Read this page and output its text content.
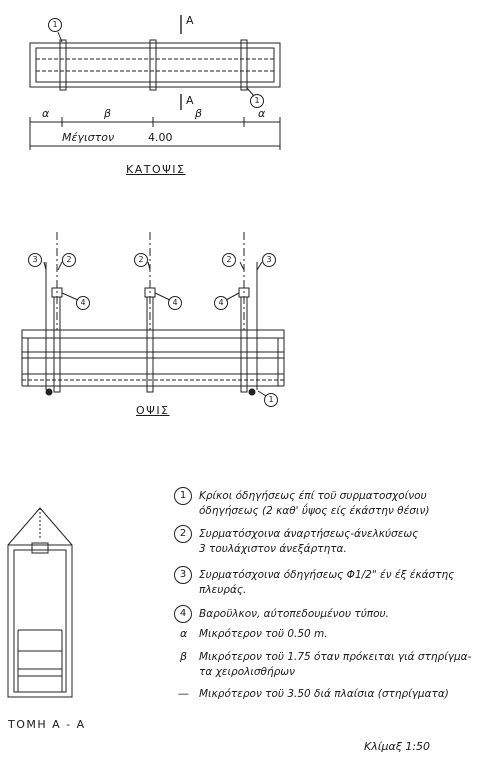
A
A
1
1
α	β	β	α
Μέγιστον	4.00
ΚΑΤΟΨΙΣ
3	2	2
4	4
2	3
4
1
ΟΨΙΣ
ΤΟΜΗ Α - Α
1	Κρίκοι όδηγήσεως έπί τοϋ συρματοσχοίνου
όδηγήσεως (2 καθ' ΰψος είς έκάστην θέσιν)
2	Συρματόσχοινα άναρτήσεως-άνελκύσεως
3 τουλάχιστον άνεξάρτητα.
3	Συρματόσχοινα όδηγήσεως Φ1/2" έν έξ έκάστης
πλευράς.
4	Βαροϋλκον, αύτοπεδουμένου τύπου.
α Μικρότερον τοϋ 0.50 m.
β Μικρότερον τοϋ 1.75 όταν πρόκειται γιά στηρίγμα-
τα χειρολισθήρων
— Μικρότερον τοϋ 3.50 διά πλαίσια (στηρίγματα)
Κλίμαξ 1:50
